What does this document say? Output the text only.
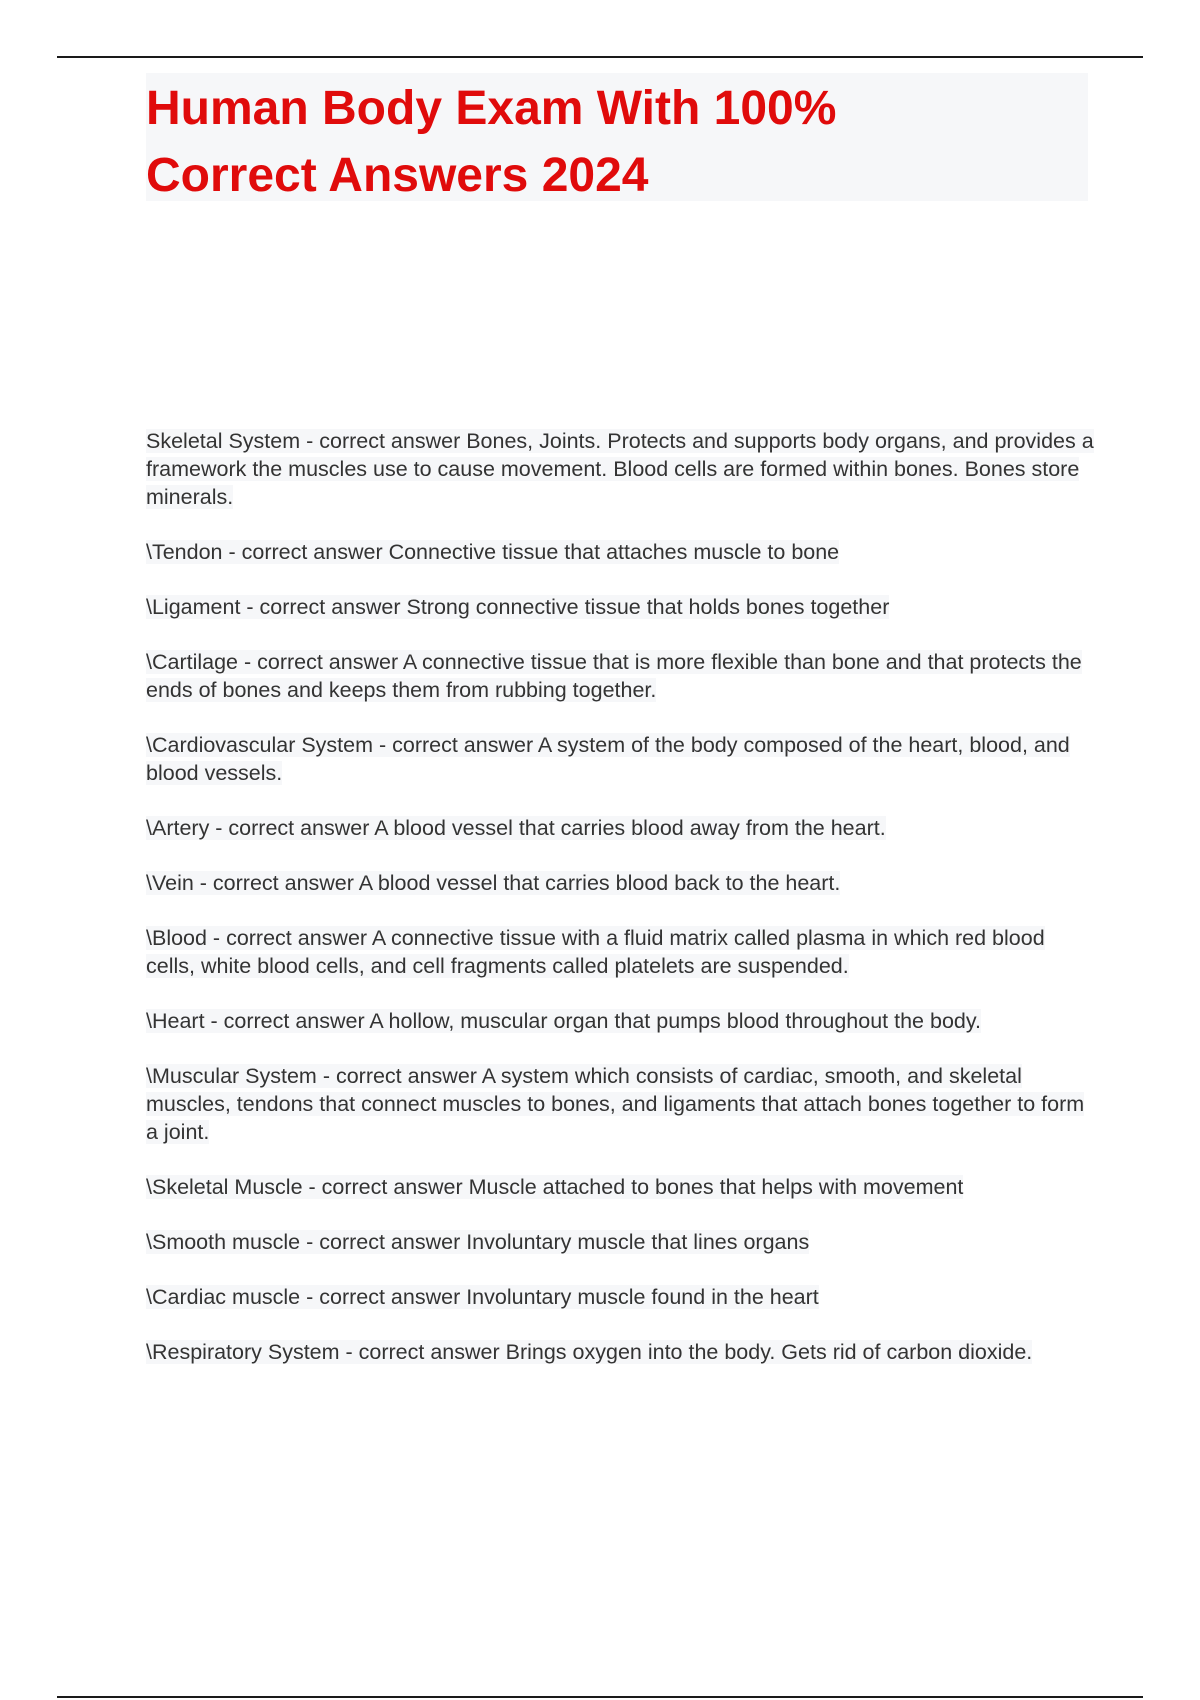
Human Body Exam With 100%
Correct Answers 2024

Skeletal System - correct answer Bones, Joints. Protects and supports body organs, and provides a framework the muscles use to cause movement. Blood cells are formed within bones. Bones store minerals.

\Tendon - correct answer Connective tissue that attaches muscle to bone

\Ligament - correct answer Strong connective tissue that holds bones together

\Cartilage - correct answer A connective tissue that is more flexible than bone and that protects the ends of bones and keeps them from rubbing together.

\Cardiovascular System - correct answer A system of the body composed of the heart, blood, and blood vessels.

\Artery - correct answer A blood vessel that carries blood away from the heart.

\Vein - correct answer A blood vessel that carries blood back to the heart.

\Blood - correct answer A connective tissue with a fluid matrix called plasma in which red blood cells, white blood cells, and cell fragments called platelets are suspended.

\Heart - correct answer A hollow, muscular organ that pumps blood throughout the body.

\Muscular System - correct answer A system which consists of cardiac, smooth, and skeletal muscles, tendons that connect muscles to bones, and ligaments that attach bones together to form a joint.

\Skeletal Muscle - correct answer Muscle attached to bones that helps with movement

\Smooth muscle - correct answer Involuntary muscle that lines organs

\Cardiac muscle - correct answer Involuntary muscle found in the heart

\Respiratory System - correct answer Brings oxygen into the body. Gets rid of carbon dioxide.
